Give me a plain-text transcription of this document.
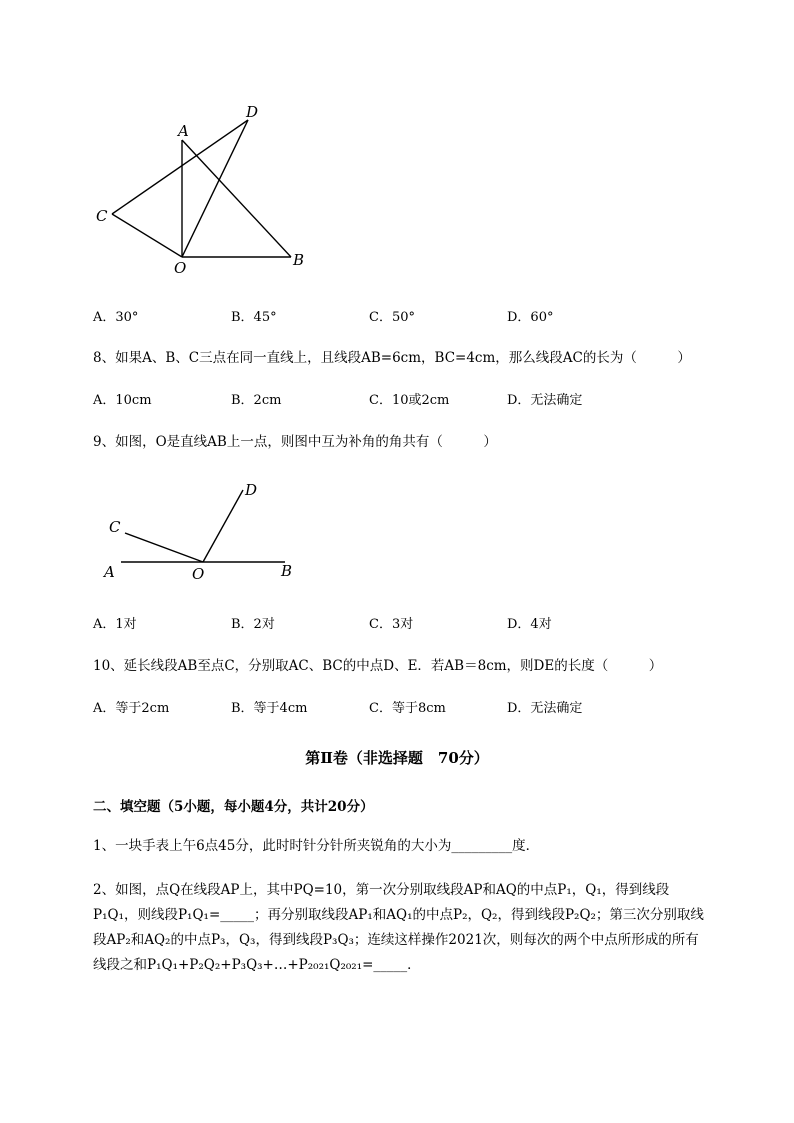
A
D
C
O	B
A．30°	B．45°	C．50°	D．60°
8、如果A、B、C三点在同一直线上，且线段AB=6cm，BC=4cm，那么线段AC的长为（　　　）
A．10cm	B．2cm	C．10或2cm	D．无法确定
9、如图，O是直线AB上一点，则图中互为补角的角共有（　　　）
C
D
A	O	B
A．1对	B．2对	C．3对	D．4对
10、延长线段AB至点C，分别取AC、BC的中点D、E．若AB＝8cm，则DE的长度（　　　）
A．等于2cm	B．等于4cm	C．等于8cm	D．无法确定
第Ⅱ卷（非选择题　70分）
二、填空题（5小题，每小题4分，共计20分）
1、一块手表上午6点45分，此时时针分针所夹锐角的大小为_________度．
2、如图，点Q在线段AP上，其中PQ=10，第一次分别取线段AP和AQ的中点P₁，Q₁，得到线段
P₁Q₁，则线段P₁Q₁=_____；再分别取线段AP₁和AQ₁的中点P₂，Q₂，得到线段P₂Q₂；第三次分别取线
段AP₂和AQ₂的中点P₃，Q₃，得到线段P₃Q₃；连续这样操作2021次，则每次的两个中点所形成的所有
线段之和P₁Q₁+P₂Q₂+P₃Q₃+…+P₂₀₂₁Q₂₀₂₁=_____．
